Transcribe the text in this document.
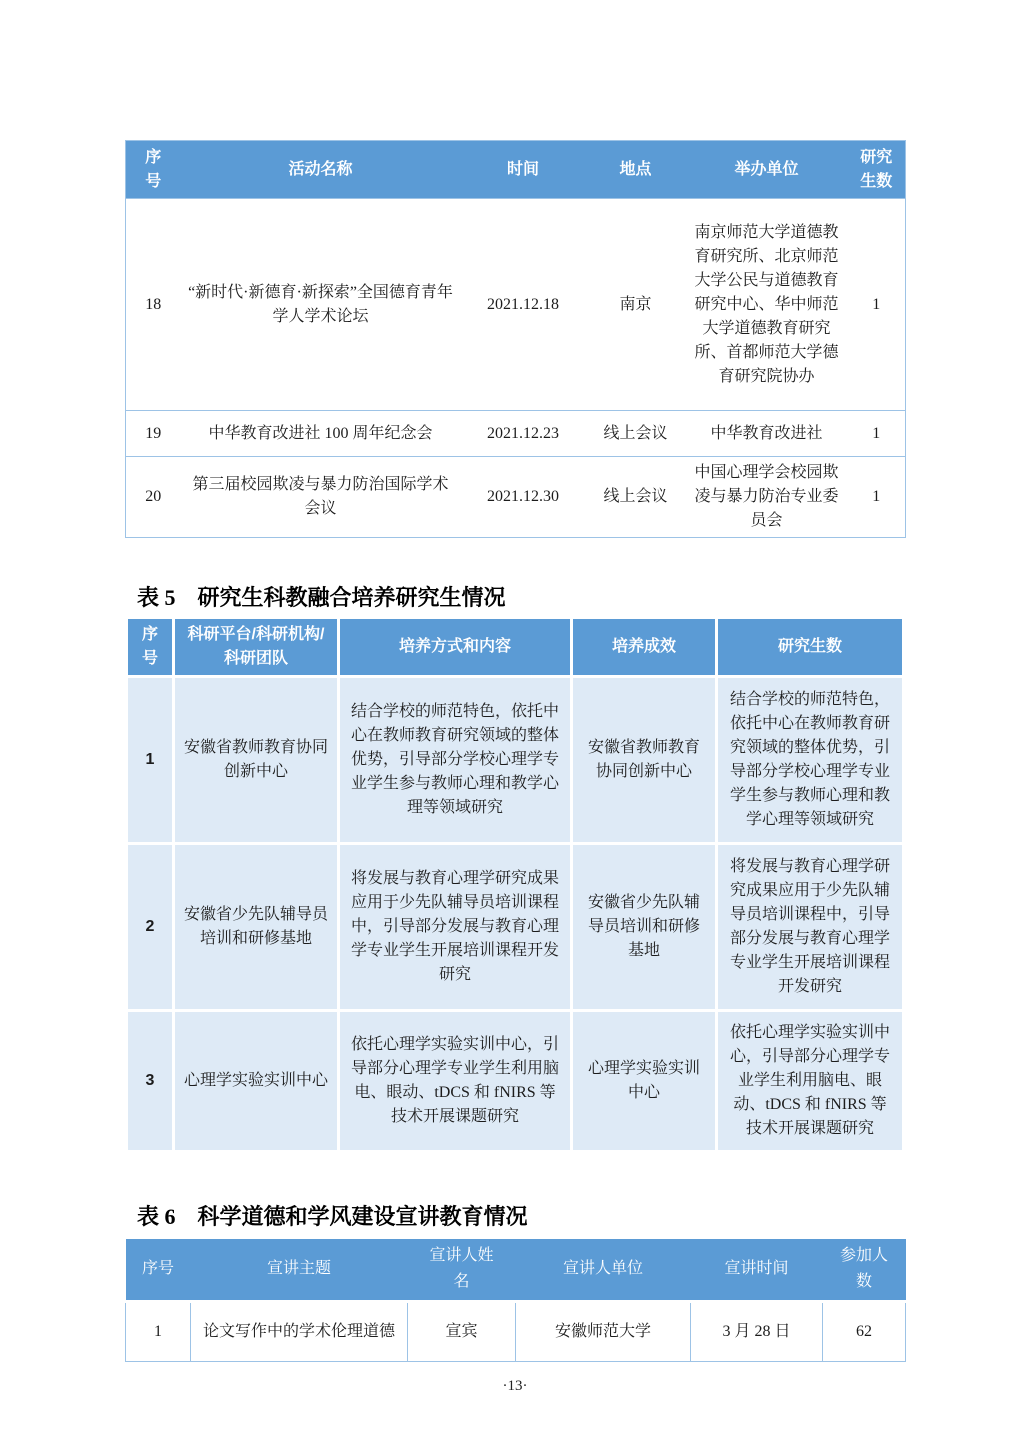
序号	活动名称	时间	地点	举办单位	研究生数
18	“新时代·新德育·新探索”全国德育青年学人学术论坛	2021.12.18	南京	南京师范大学道德教育研究所、北京师范大学公民与道德教育研究中心、华中师范大学道德教育研究所、首都师范大学德育研究院协办	1
19	中华教育改进社 100 周年纪念会	2021.12.23	线上会议	中华教育改进社	1
20	第三届校园欺凌与暴力防治国际学术会议	2021.12.30	线上会议	中国心理学会校园欺凌与暴力防治专业委员会	1
表 5　研究生科教融合培养研究生情况
序号	科研平台/科研机构/科研团队	培养方式和内容	培养成效	研究生数
1	安徽省教师教育协同创新中心	结合学校的师范特色，依托中心在教师教育研究领域的整体优势，引导部分学校心理学专业学生参与教师心理和教学心理等领域研究	安徽省教师教育协同创新中心	结合学校的师范特色，依托中心在教师教育研究领域的整体优势，引导部分学校心理学专业学生参与教师心理和教学心理等领域研究
2	安徽省少先队辅导员培训和研修基地	将发展与教育心理学研究成果应用于少先队辅导员培训课程中，引导部分发展与教育心理学专业学生开展培训课程开发研究	安徽省少先队辅导员培训和研修基地	将发展与教育心理学研究成果应用于少先队辅导员培训课程中，引导部分发展与教育心理学专业学生开展培训课程开发研究
3	心理学实验实训中心	依托心理学实验实训中心，引导部分心理学专业学生利用脑电、眼动、tDCS 和 fNIRS 等技术开展课题研究	心理学实验实训中心	依托心理学实验实训中心，引导部分心理学专业学生利用脑电、眼动、tDCS 和 fNIRS 等技术开展课题研究
表 6　科学道德和学风建设宣讲教育情况
序号	宣讲主题	宣讲人姓名	宣讲人单位	宣讲时间	参加人数
1	论文写作中的学术伦理道德	宣宾	安徽师范大学	3 月 28 日	62
·13·
